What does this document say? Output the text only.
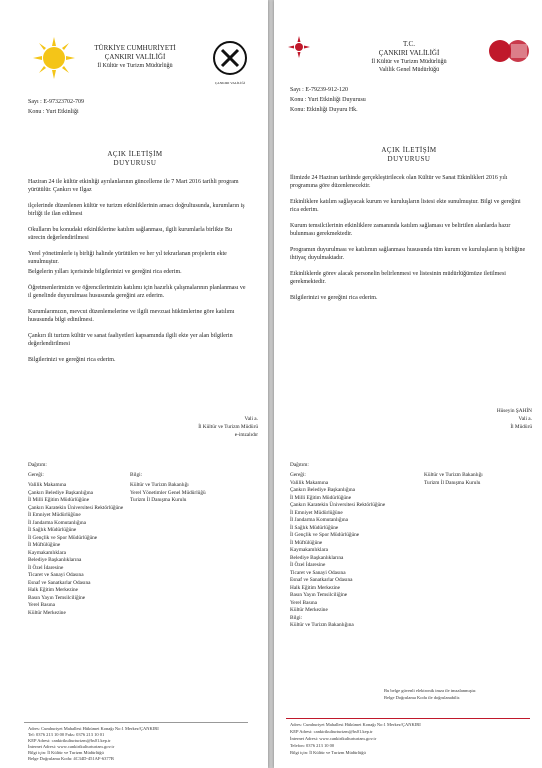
TÜRKİYE CUMHURİYETİ
ÇANKIRI VALİLİĞİ
İl Kültür ve Turizm Müdürlüğü
ÇANKIRI VALİLİĞİ
Sayı : E-97323702-709
Konu : Yurt Etkinliği
AÇIK İLETİŞİM
DUYURUSU
Haziran 24 ile kültür etkinliği ayrılanlarının güncelleme ile 7 Mart 2016 tarihli program yürütülür. Çankırı ve Ilgaz
ilçelerinde düzenlenen kültür ve turizm etkinliklerinin amacı doğrultusunda, kurumların iş birliği ile ilan edilmesi
Okulların bu konudaki etkinliklerine katılım sağlanması, ilgili kurumlarla birlikte Bu sürecin değerlendirilmesi
Yerel yönetimlerle iş birliği halinde yürütülen ve her yıl tekrarlanan projelerin ekte sunulmuştur.
Belgelerin yılları içerisinde bilgilerinizi ve gereğini rica ederim.
Öğretmenlerimizin ve öğrencilerimizin katılımı için hazırlık çalışmalarının planlanması ve il genelinde duyurulması hususunda gereğini arz ederim.
Kurumlarımızın, mevcut düzenlemelerine ve ilgili mevzuat hükümlerine göre katılımı hususunda bilgi edinilmesi.
Çankırı ili turizm kültür ve sanat faaliyetleri kapsamında ilgili ekte yer alan bilgilerin değerlendirilmesi
Bilgilerinizi ve gereğini rica ederim.
Vali a.
İl Kültür ve Turizm Müdürü
e-imzalıdır
Dağıtım:
Gereği:	Bilgi:
Valilik Makamına
Çankırı Belediye Başkanlığına
İl Milli Eğitim Müdürlüğüne
Çankırı Karatekin Üniversitesi Rektörlüğüne
İl Emniyet Müdürlüğüne
İl Jandarma Komutanlığına
İl Sağlık Müdürlüğüne
İl Gençlik ve Spor Müdürlüğüne
İl Müftülüğüne
Kaymakamlıklara
Belediye Başkanlıklarına
İl Özel İdaresine
Ticaret ve Sanayi Odasına
Esnaf ve Sanatkarlar Odasına
Halk Eğitim Merkezine
Basın Yayın Temsilciliğine
Yerel Basına
Kültür Merkezine
Kültür ve Turizm Bakanlığı
Yerel Yönetimler Genel Müdürlüğü
Turizm İl Danışma Kurulu
Adres: Cumhuriyet Mahallesi Hükümet Konağı No:1 Merkez/ÇANKIRI
Tel: 0376 213 10 00 Faks: 0376 213 10 01
KEP Adresi: cankirikulturturizm@hs01.kep.tr
İnternet Adresi: www.cankirikulturturizm.gov.tr
Bilgi için: İl Kültür ve Turizm Müdürlüğü
Belge Doğrulama Kodu: 4C34D-451AF-6377B
T.C.
ÇANKIRI VALİLİĞİ
İl Kültür ve Turizm Müdürlüğü
Valilik Genel Müdürlüğü
Sayı : E-79239-912-120
Konu : Yurt Etkinliği Duyurusu
Konu: Etkinliği Duyuru Hk.
AÇIK İLETİŞİM
DUYURUSU
İlimizde 24 Haziran tarihinde gerçekleştirilecek olan Kültür ve Sanat Etkinlikleri 2016 yılı programına göre düzenlenecektir.
Etkinliklere katılım sağlayacak kurum ve kuruluşların listesi ekte sunulmuştur. Bilgi ve gereğini rica ederim.
Kurum temsilcilerinin etkinliklere zamanında katılım sağlaması ve belirtilen alanlarda hazır bulunması gerekmektedir.
Programın duyurulması ve katılımın sağlanması hususunda tüm kurum ve kuruluşların iş birliğine ihtiyaç duyulmaktadır.
Etkinliklerde görev alacak personelin belirlenmesi ve listesinin müdürlüğümüze iletilmesi gerekmektedir.
Bilgilerinizi ve gereğini rica ederim.
Hüseyin ŞAHİN
Vali a.
İl Müdürü
Dağıtım:
Gereği:
Valilik Makamına
Çankırı Belediye Başkanlığına
İl Milli Eğitim Müdürlüğüne
Çankırı Karatekin Üniversitesi Rektörlüğüne
İl Emniyet Müdürlüğüne
İl Jandarma Komutanlığına
İl Sağlık Müdürlüğüne
İl Gençlik ve Spor Müdürlüğüne
İl Müftülüğüne
Kaymakamlıklara
Belediye Başkanlıklarına
İl Özel İdaresine
Ticaret ve Sanayi Odasına
Esnaf ve Sanatkarlar Odasına
Halk Eğitim Merkezine
Basın Yayın Temsilciliğine
Yerel Basına
Kültür Merkezine
Bilgi:
Kültür ve Turizm Bakanlığına
Kültür ve Turizm Bakanlığı
Turizm İl Danışma Kurulu
Bu belge güvenli elektronik imza ile imzalanmıştır.
Belge Doğrulama Kodu ile doğrulanabilir.
Adres: Cumhuriyet Mahallesi Hükümet Konağı No:1 Merkez/ÇANKIRI
KEP Adresi: cankirikulturturizm@hs01.kep.tr
İnternet Adresi: www.cankirikulturturizm.gov.tr
Telefon: 0376 213 10 00
Bilgi için: İl Kültür ve Turizm Müdürlüğü
